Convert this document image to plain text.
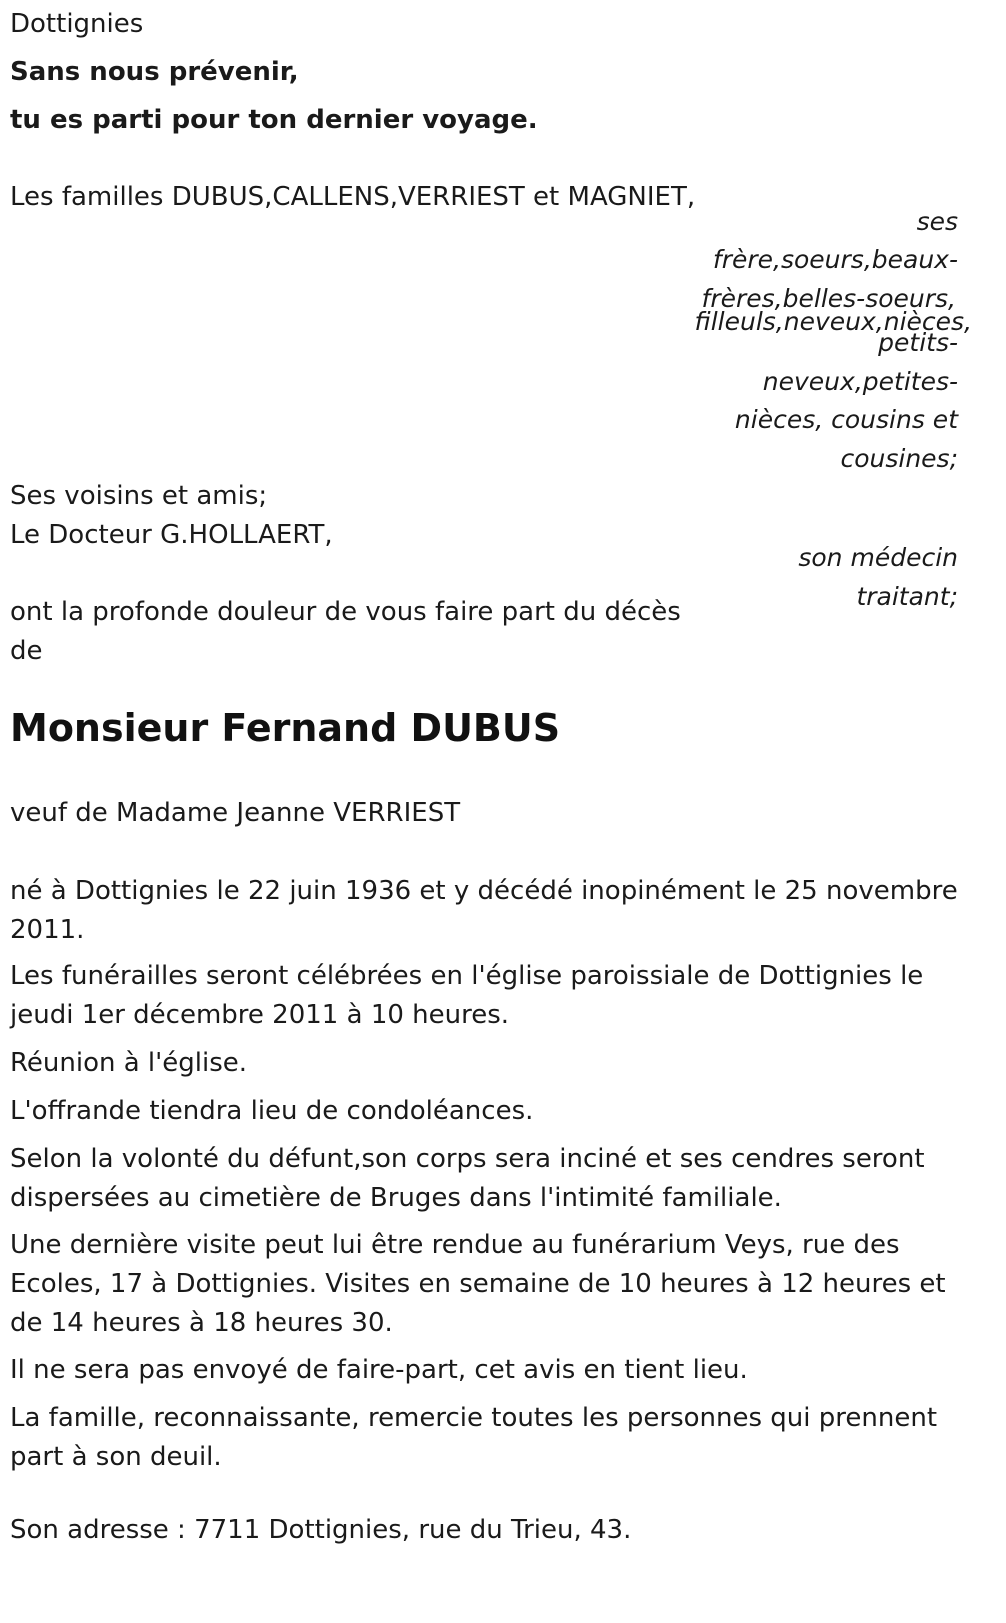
Dottignies
Sans nous prévenir,
tu es parti pour ton dernier voyage.
Les familles DUBUS,CALLENS,VERRIEST et MAGNIET,
ses
frère,soeurs,beaux-
frères,belles-soeurs,
filleuls,neveux,nièces,
petits-
neveux,petites-
nièces, cousins et
cousines;
Ses voisins et amis;
Le Docteur G.HOLLAERT,
son médecin
traitant;
ont la profonde douleur de vous faire part du décès
de
Monsieur Fernand DUBUS
veuf de Madame Jeanne VERRIEST
né à Dottignies le 22 juin 1936 et y décédé inopinément le 25 novembre 2011.
Les funérailles seront célébrées en l'église paroissiale de Dottignies le jeudi 1er décembre 2011 à 10 heures.
Réunion à l'église.
L'offrande tiendra lieu de condoléances.
Selon la volonté du défunt,son corps sera inciné et ses cendres seront dispersées au cimetière de Bruges dans l'intimité familiale.
Une dernière visite peut lui être rendue au funérarium Veys, rue des Ecoles, 17 à Dottignies. Visites en semaine de 10 heures à 12 heures et de 14 heures à 18 heures 30.
Il ne sera pas envoyé de faire-part, cet avis en tient lieu.
La famille, reconnaissante, remercie toutes les personnes qui prennent part à son deuil.
Son adresse : 7711 Dottignies, rue du Trieu, 43.
